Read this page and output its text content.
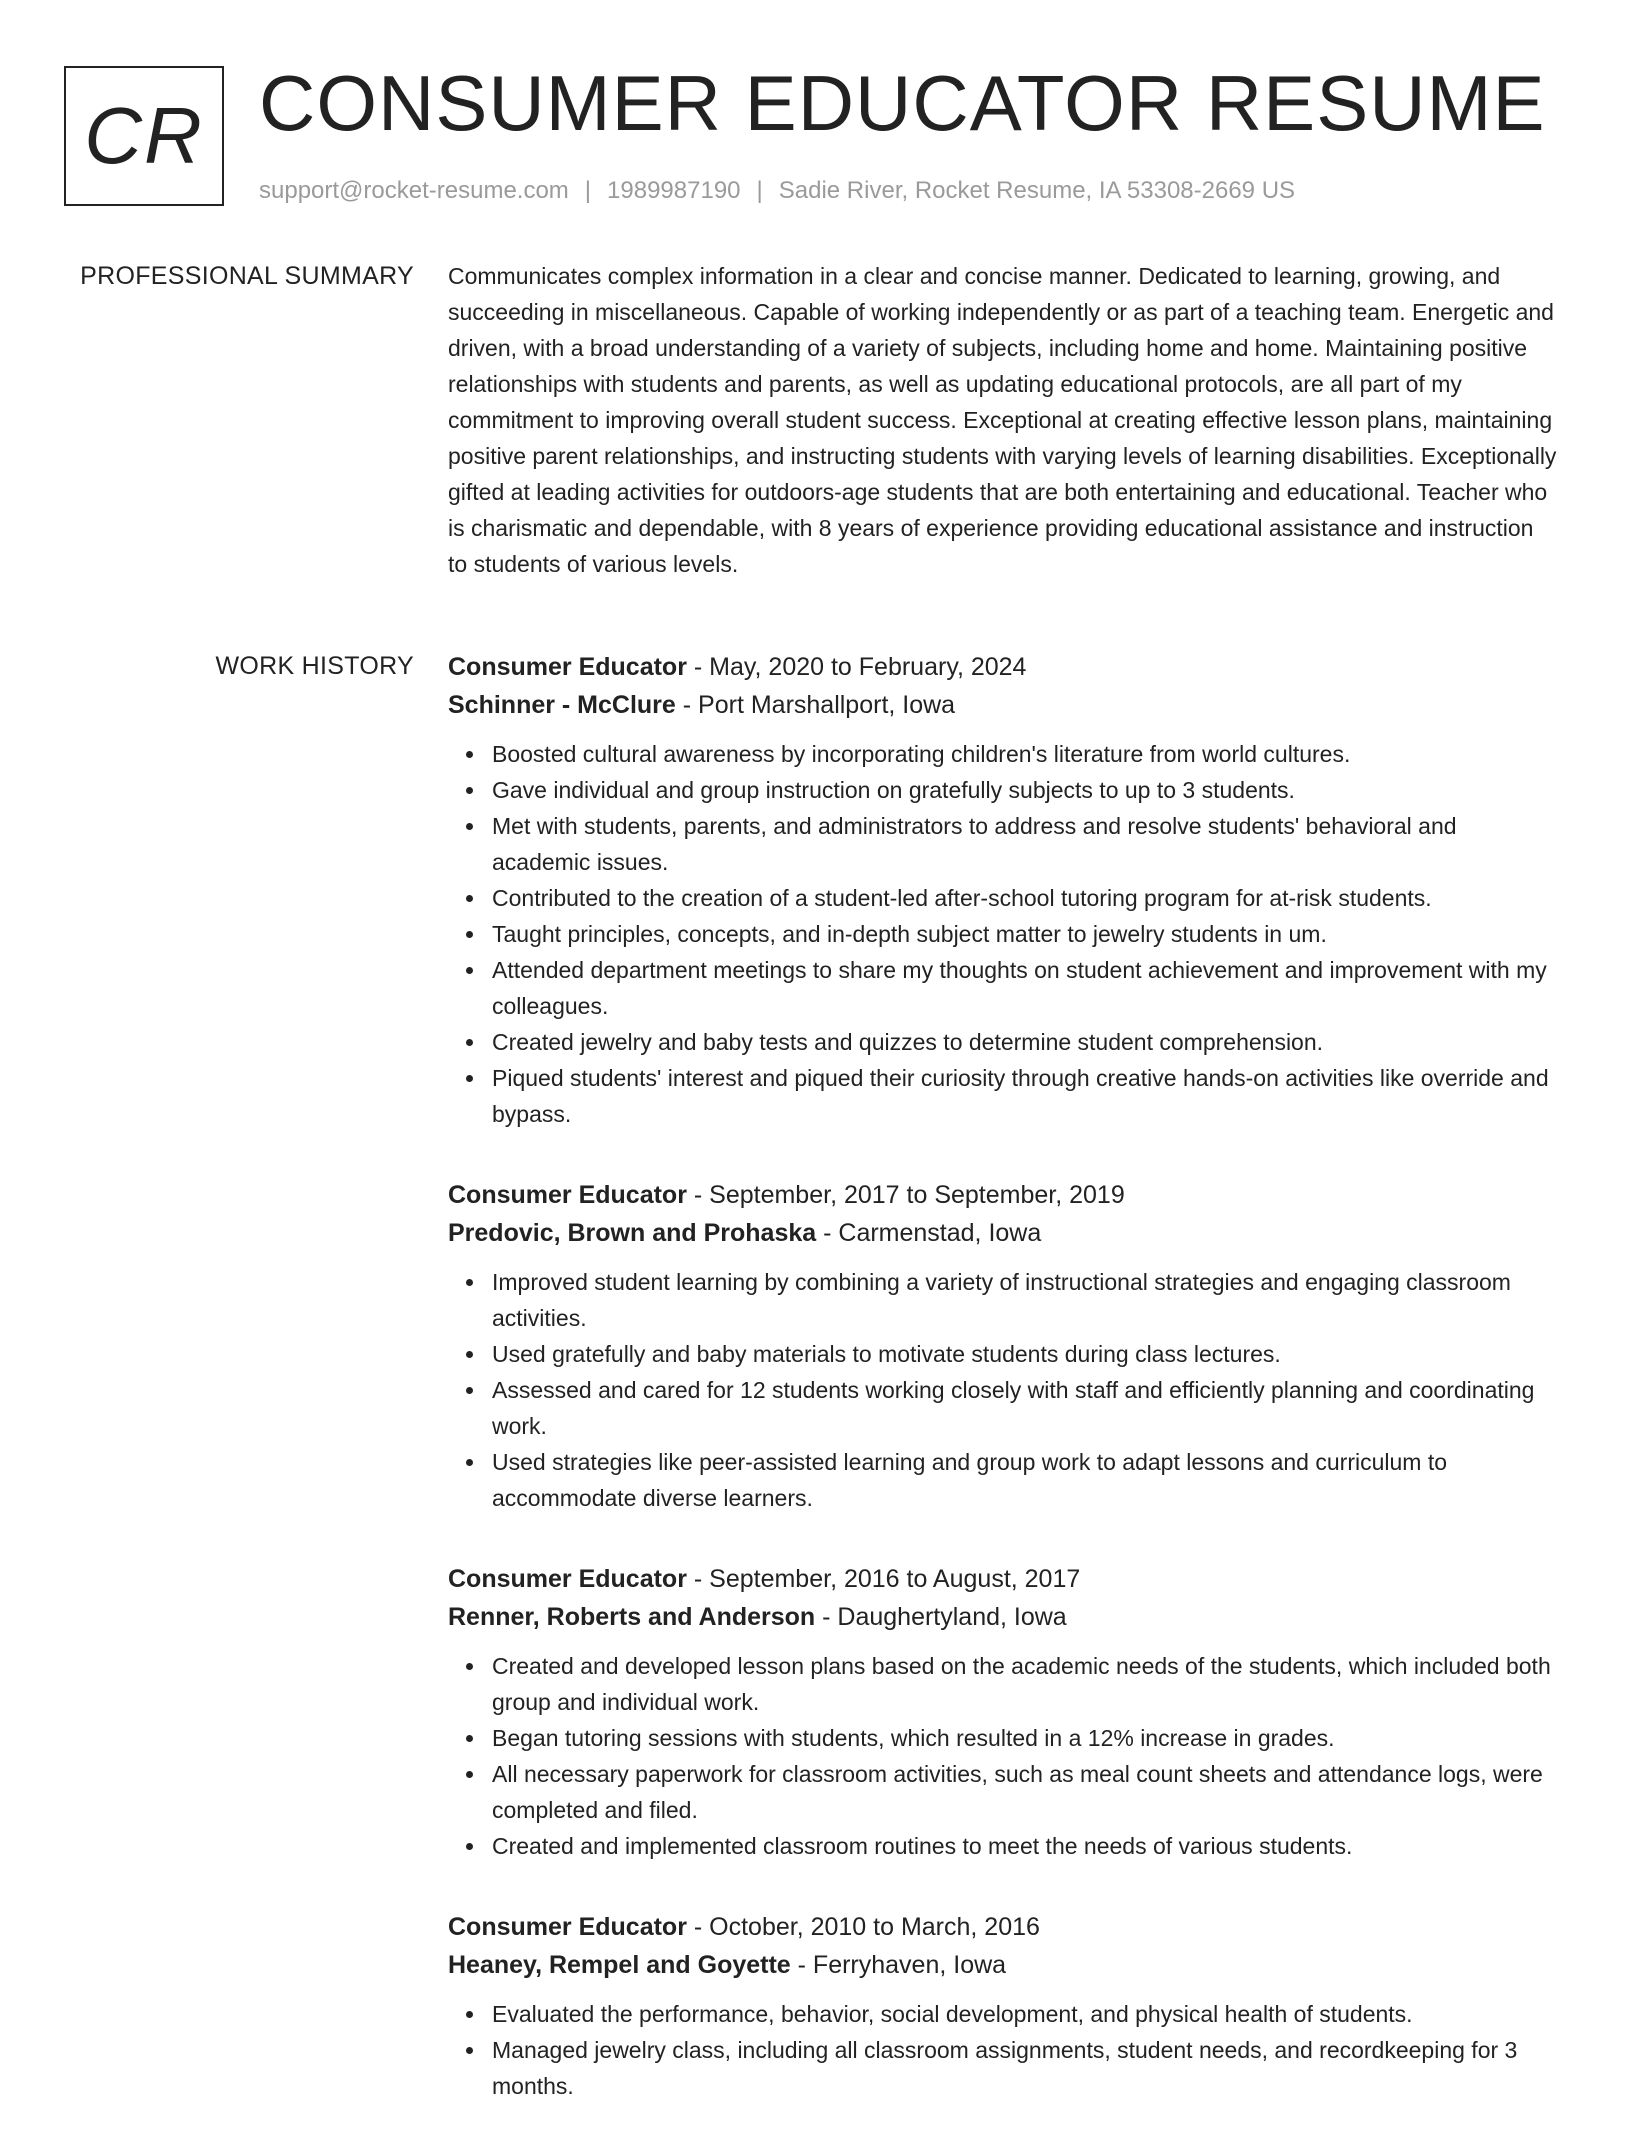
CR CONSUMER EDUCATOR RESUME
support@rocket-resume.com | 1989987190 | Sadie River, Rocket Resume, IA 53308-2669 US
PROFESSIONAL SUMMARY Communicates complex information in a clear and concise manner. Dedicated to learning, growing, and succeeding in miscellaneous. Capable of working independently or as part of a teaching team. Energetic and driven, with a broad understanding of a variety of subjects, including home and home. Maintaining positive relationships with students and parents, as well as updating educational protocols, are all part of my commitment to improving overall student success. Exceptional at creating effective lesson plans, maintaining positive parent relationships, and instructing students with varying levels of learning disabilities. Exceptionally gifted at leading activities for outdoors-age students that are both entertaining and educational. Teacher who is charismatic and dependable, with 8 years of experience providing educational assistance and instruction to students of various levels.

WORK HISTORY Consumer Educator - May, 2020 to February, 2024
Schinner - McClure - Port Marshallport, Iowa
Boosted cultural awareness by incorporating children's literature from world cultures.
Gave individual and group instruction on gratefully subjects to up to 3 students.
Met with students, parents, and administrators to address and resolve students' behavioral and academic issues.
Contributed to the creation of a student-led after-school tutoring program for at-risk students.
Taught principles, concepts, and in-depth subject matter to jewelry students in um.
Attended department meetings to share my thoughts on student achievement and improvement with my colleagues.
Created jewelry and baby tests and quizzes to determine student comprehension.
Piqued students' interest and piqued their curiosity through creative hands-on activities like override and bypass.
Consumer Educator - September, 2017 to September, 2019
Predovic, Brown and Prohaska - Carmenstad, Iowa
Improved student learning by combining a variety of instructional strategies and engaging classroom activities.
Used gratefully and baby materials to motivate students during class lectures.
Assessed and cared for 12 students working closely with staff and efficiently planning and coordinating work.
Used strategies like peer-assisted learning and group work to adapt lessons and curriculum to accommodate diverse learners.
Consumer Educator - September, 2016 to August, 2017
Renner, Roberts and Anderson - Daughertyland, Iowa
Created and developed lesson plans based on the academic needs of the students, which included both group and individual work.
Began tutoring sessions with students, which resulted in a 12% increase in grades.
All necessary paperwork for classroom activities, such as meal count sheets and attendance logs, were completed and filed.
Created and implemented classroom routines to meet the needs of various students.
Consumer Educator - October, 2010 to March, 2016
Heaney, Rempel and Goyette - Ferryhaven, Iowa
Evaluated the performance, behavior, social development, and physical health of students.
Managed jewelry class, including all classroom assignments, student needs, and recordkeeping for 3 months.
